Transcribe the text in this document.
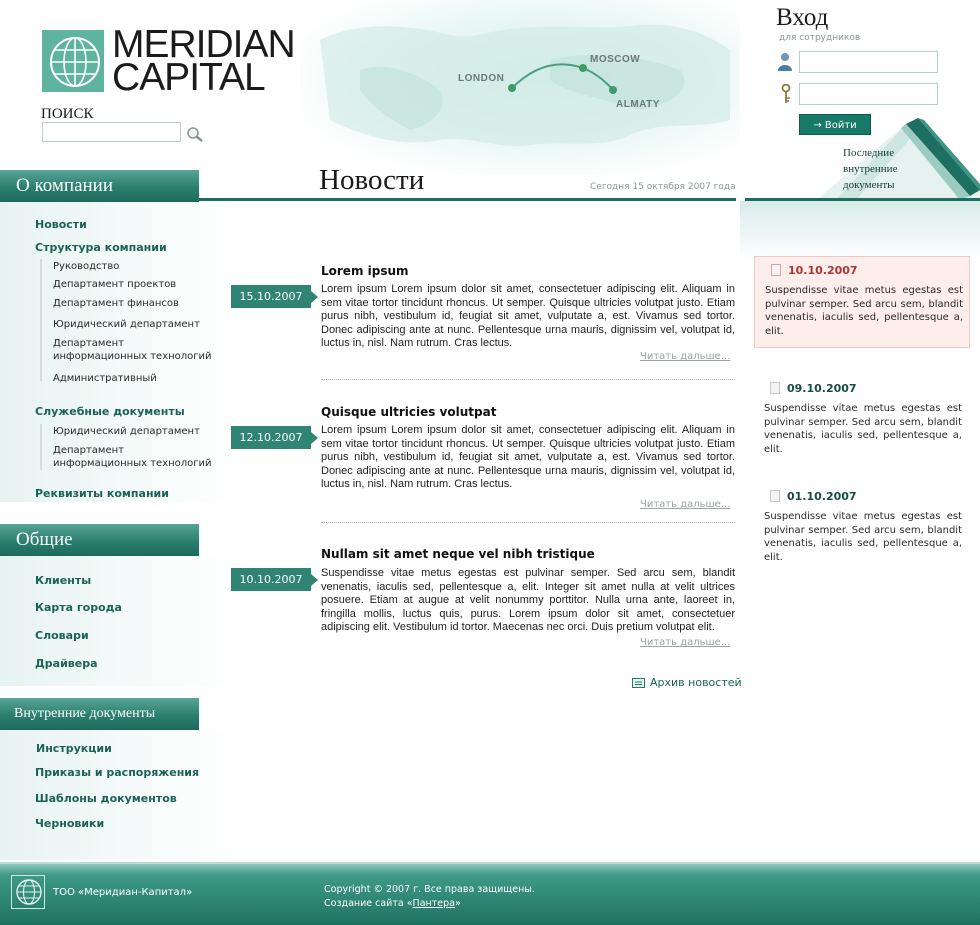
MERIDIAN
CAPITAL
ПОИСК
LONDON
MOSCOW
ALMATY
Вход
для сотрудников
→ Войти
Последние
внутренние
документы
О компании	Новости	Сегодня 15 октября 2007 года
Новости
Структура компании
Руководство
Департамент проектов
Департамент финансов
Юридический департамент
Департамент информационных технологий
Административный
Служебные документы
Юридический департамент
Департамент информационных технологий
Реквизиты компании
Общие
Клиенты
Карта города
Словари
Драйвера
Внутренние документы
Инструкции
Приказы и распоряжения
Шаблоны документов
Черновики
15.10.2007
Lorem ipsum
Lorem ipsum Lorem ipsum dolor sit amet, consectetuer adipiscing elit. Aliquam in sem vitae tortor tincidunt rhoncus. Ut semper. Quisque ultricies volutpat justo. Etiam purus nibh, vestibulum id, feugiat sit amet, vulputate a, est. Vivamus sed tortor. Donec adipiscing ante at nunc. Pellentesque urna mauris, dignissim vel, volutpat id, luctus in, nisl. Nam rutrum. Cras lectus.
Читать дальше...
12.10.2007
Quisque ultricies volutpat
Lorem ipsum Lorem ipsum dolor sit amet, consectetuer adipiscing elit. Aliquam in sem vitae tortor tincidunt rhoncus. Ut semper. Quisque ultricies volutpat justo. Etiam purus nibh, vestibulum id, feugiat sit amet, vulputate a, est. Vivamus sed tortor. Donec adipiscing ante at nunc. Pellentesque urna mauris, dignissim vel, volutpat id, luctus in, nisl. Nam rutrum. Cras lectus.
Читать дальше...
10.10.2007
Nullam sit amet neque vel nibh tristique
Suspendisse vitae metus egestas est pulvinar semper. Sed arcu sem, blandit venenatis, iaculis sed, pellentesque a, elit. Integer sit amet nulla at velit ultrices posuere. Etiam at augue at velit nonummy porttitor. Nulla urna ante, laoreet in, fringilla mollis, luctus quis, purus. Lorem ipsum dolor sit amet, consectetuer adipiscing elit. Vestibulum id tortor. Maecenas nec orci. Duis pretium volutpat elit.
Читать дальше...
Архив новостей
10.10.2007
Suspendisse vitae metus egestas est pulvinar semper. Sed arcu sem, blandit venenatis, iaculis sed, pellentesque a, elit.
09.10.2007
Suspendisse vitae metus egestas est pulvinar semper. Sed arcu sem, blandit venenatis, iaculis sed, pellentesque a, elit.
01.10.2007
Suspendisse vitae metus egestas est pulvinar semper. Sed arcu sem, blandit venenatis, iaculis sed, pellentesque a, elit.
ТОО «Меридиан-Капитал»	Copyright © 2007 г. Все права защищены.
Создание сайта «Пантера»
